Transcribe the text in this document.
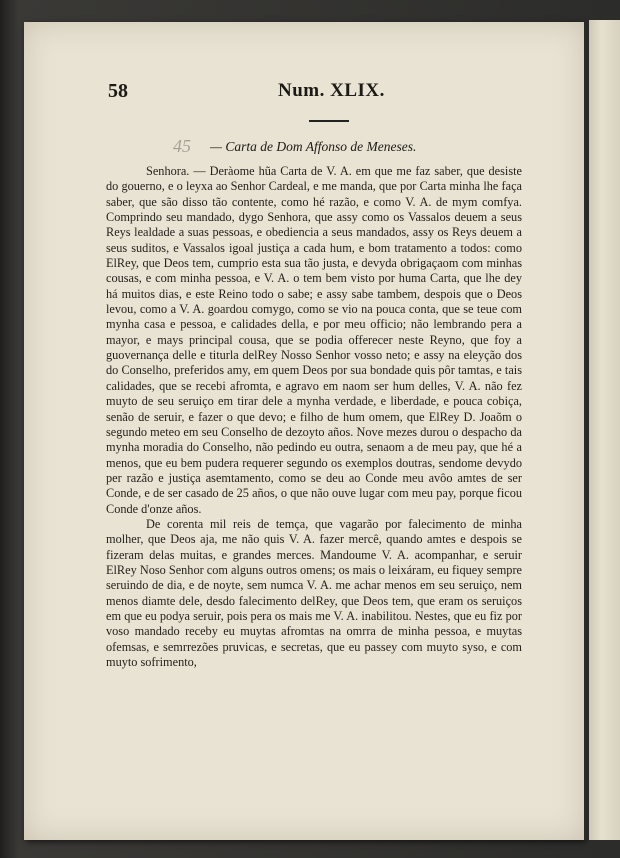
58	Num. XLIX.
45 — Carta de Dom Affonso de Meneses.

Senhora. — Deràome hũa Carta de V. A. em que me faz saber, que desiste do gouerno, e o leyxa ao Senhor Cardeal, e me manda, que por Carta minha lhe faça saber, que são disso tão contente, como hé razão, e como V. A. de mym comfya. Comprindo seu mandado, dygo Senhora, que assy como os Vassalos deuem a seus Reys lealdade a suas pessoas, e obediencia a seus mandados, assy os Reys deuem a seus suditos, e Vassalos igoal justiça a cada hum, e bom tratamento a todos: como ElRey, que Deos tem, cumprio esta sua tão justa, e devyda obrigaçaom com minhas cousas, e com minha pessoa, e V. A. o tem bem visto por huma Carta, que lhe dey há muitos dias, e este Reino todo o sabe; e assy sabe tambem, despois que o Deos levou, como a V. A. goardou comygo, como se vio na pouca conta, que se teue com mynha casa e pessoa, e calidades della, e por meu officio; não lembrando pera a mayor, e mays principal cousa, que se podia offerecer neste Reyno, que foy a guovernança delle e titurla delRey Nosso Senhor vosso neto; e assy na eleyção dos do Conselho, preferidos amy, em quem Deos por sua bondade quis pôr tamtas, e tais calidades, que se recebi afromta, e agravo em naom ser hum delles, V. A. não fez muyto de seu seruiço em tirar dele a mynha verdade, e liberdade, e pouca cobiça, senão de seruir, e fazer o que devo; e filho de hum omem, que ElRey D. Joaõm o segundo meteo em seu Conselho de dezoyto años. Nove mezes durou o despacho da mynha moradia do Conselho, não pedindo eu outra, senaom a de meu pay, que hé a menos, que eu bem pudera requerer segundo os exemplos doutras, sendome devydo per razão e justiça asemtamento, como se deu ao Conde meu avôo amtes de ser Conde, e de ser casado de 25 años, o que não ouve lugar com meu pay, porque ficou Conde d'onze años.

De corenta mil reis de temça, que vagarão por falecimento de minha molher, que Deos aja, me não quis V. A. fazer mercê, quando amtes e despois se fizeram delas muitas, e grandes merces. Mandoume V. A. acompanhar, e seruir ElRey Noso Senhor com alguns outros omens; os mais o leixáram, eu fiquey sempre seruindo de dia, e de noyte, sem numca V. A. me achar menos em seu seruiço, nem menos diamte dele, desdo falecimento delRey, que Deos tem, que eram os seruiços em que eu podya seruir, pois pera os mais me V. A. inabilitou. Nestes, que eu fiz por voso mandado receby eu muytas afromtas na omrra de minha pessoa, e muytas ofemsas, e semrrezões pruvicas, e secretas, que eu passey com muyto syso, e com muyto sofrimento,
